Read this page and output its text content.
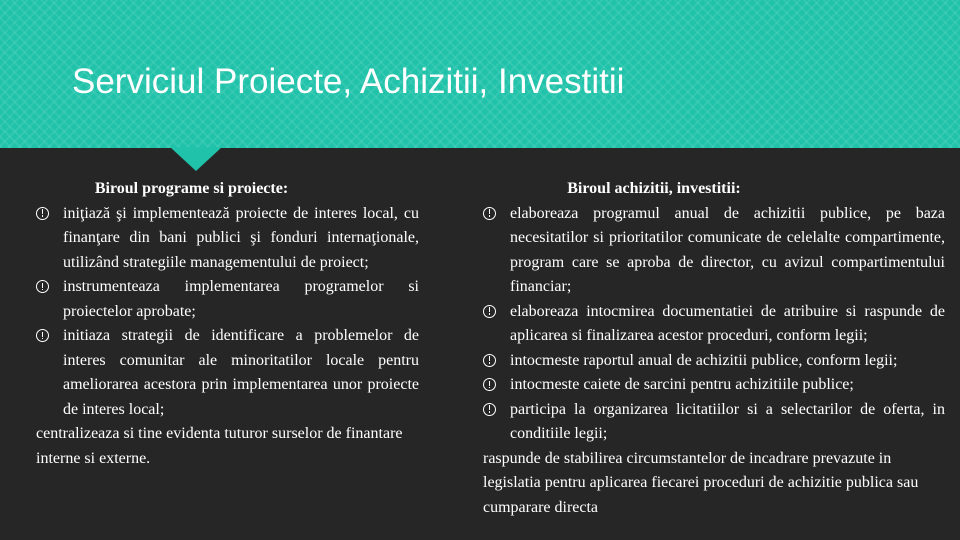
Serviciul Proiecte, Achizitii, Investitii
Biroul programe si proiecte:
iniţiază şi implementează proiecte de interes local, cu finanţare din bani publici şi fonduri internaţionale, utilizând strategiile managementului de proiect;
instrumenteaza implementarea programelor si proiectelor aprobate;
initiaza strategii de identificare a problemelor de interes comunitar ale minoritatilor locale pentru ameliorarea acestora prin implementarea unor proiecte de interes local;
centralizeaza si tine evidenta tuturor surselor de finantare interne si externe.
Biroul achizitii, investitii:
elaboreaza programul anual de achizitii publice, pe baza necesitatilor si prioritatilor comunicate de celelalte compartimente, program care se aproba de director, cu avizul compartimentului financiar;
elaboreaza intocmirea documentatiei de atribuire si raspunde de aplicarea si finalizarea acestor proceduri, conform legii;
intocmeste raportul anual de achizitii publice, conform legii;
intocmeste caiete de sarcini pentru achizitiile publice;
participa la organizarea licitatiilor si a selectarilor de oferta, in conditiile legii;
raspunde de stabilirea circumstantelor de incadrare prevazute in legislatia pentru aplicarea fiecarei proceduri de achizitie publica sau cumparare directa
